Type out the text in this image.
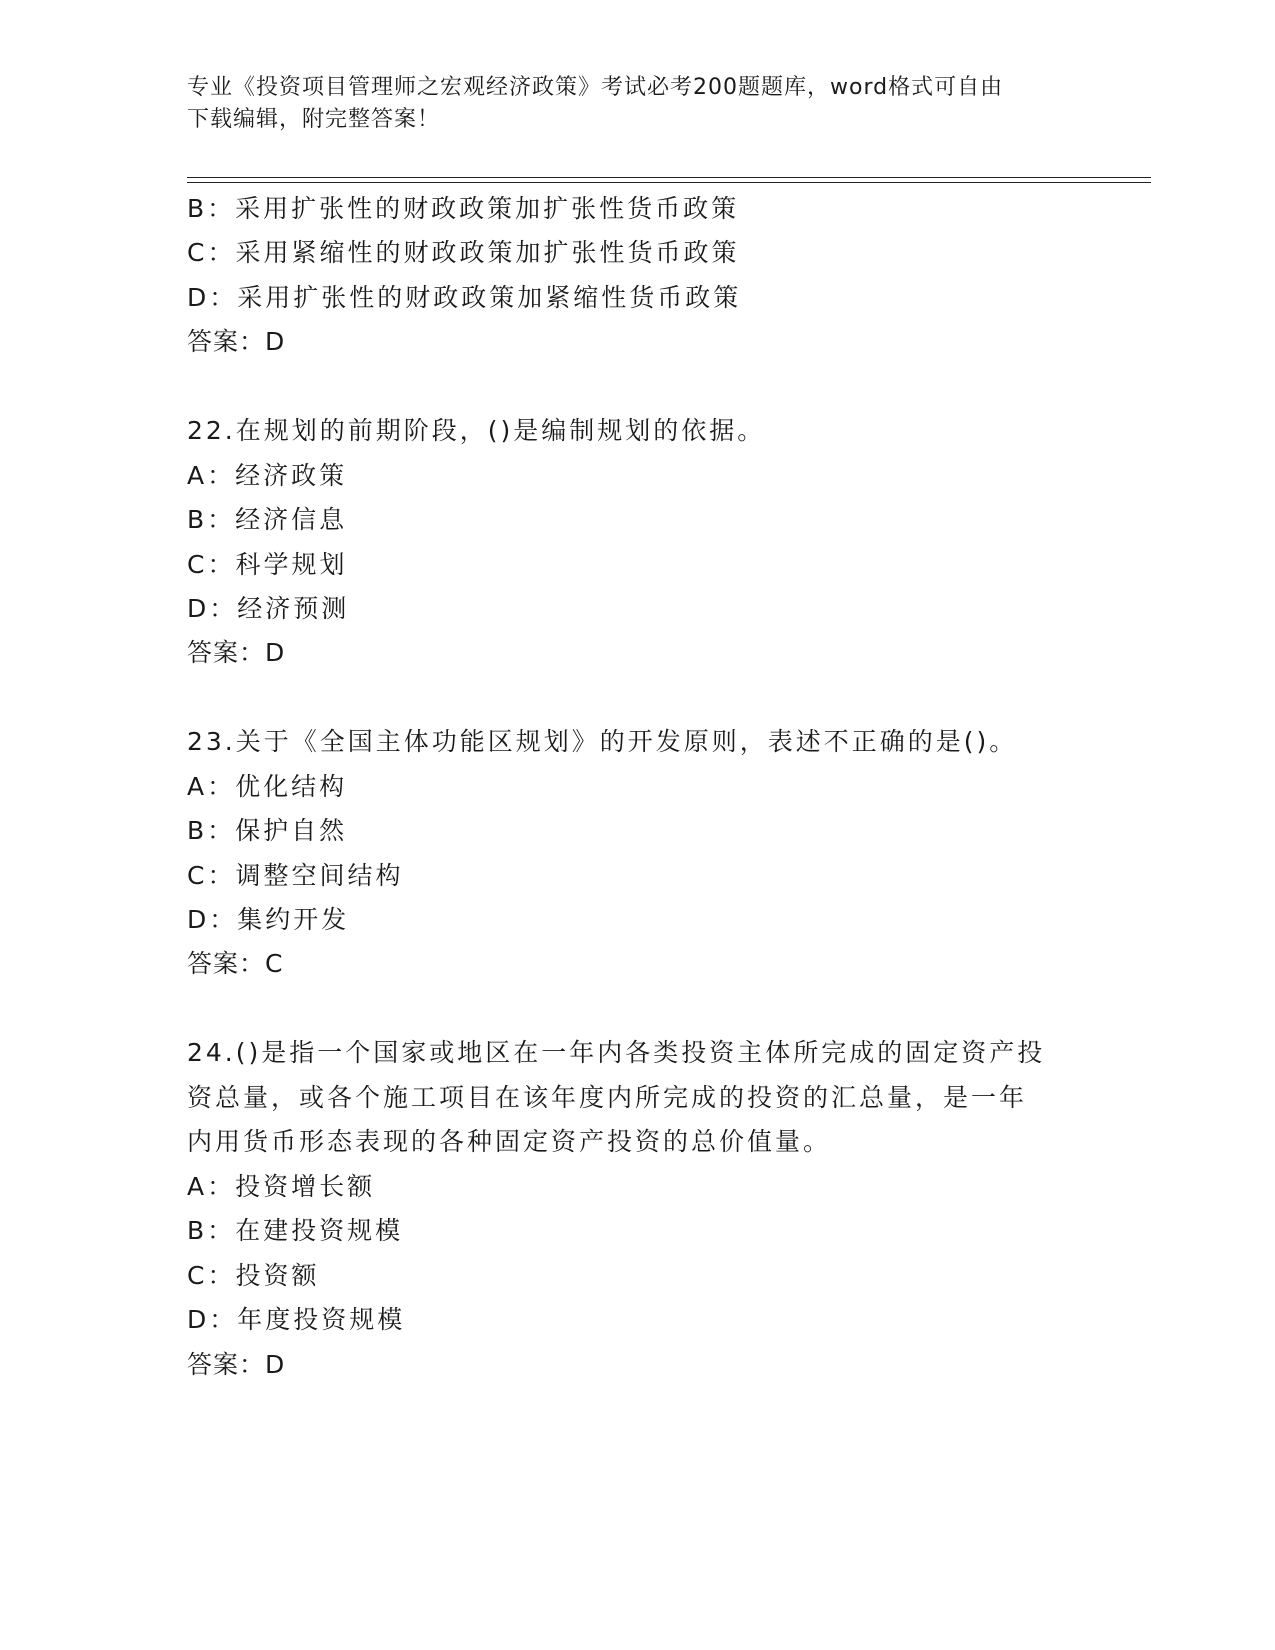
专业《投资项目管理师之宏观经济政策》考试必考200题题库，word格式可自由
下载编辑，附完整答案！
B：采用扩张性的财政政策加扩张性货币政策
C：采用紧缩性的财政政策加扩张性货币政策
D：采用扩张性的财政政策加紧缩性货币政策
答案：D
22.在规划的前期阶段，()是编制规划的依据。
A：经济政策
B：经济信息
C：科学规划
D：经济预测
答案：D
23.关于《全国主体功能区规划》的开发原则，表述不正确的是()。
A：优化结构
B：保护自然
C：调整空间结构
D：集约开发
答案：C
24.()是指一个国家或地区在一年内各类投资主体所完成的固定资产投
资总量，或各个施工项目在该年度内所完成的投资的汇总量，是一年
内用货币形态表现的各种固定资产投资的总价值量。
A：投资增长额
B：在建投资规模
C：投资额
D：年度投资规模
答案：D
